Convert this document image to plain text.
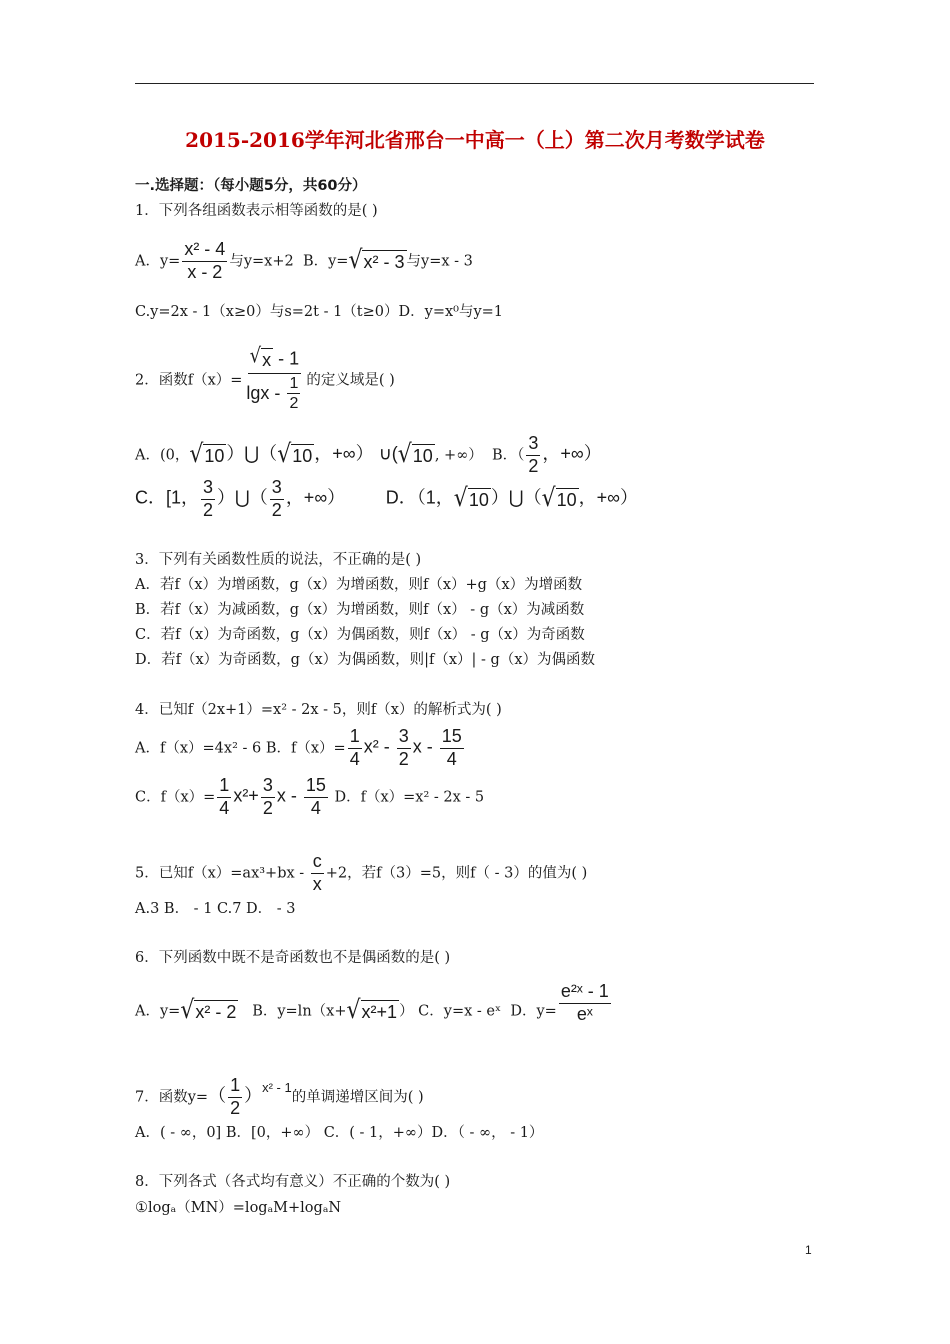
2015-2016学年河北省邢台一中高一（上）第二次月考数学试卷
一.选择题：（每小题5分，共60分）
1．下列各组函数表示相等函数的是( )
A．$y= \frac{\text{x² - 4}}{x - 2}$ 与y=x+2 B．y= √ x² - 3 与y=x - 3
C.y=2x - 1（x≥0）与s=2t - 1（t≥0）D．y=x⁰与y=1
2．函数$f(x)= \frac{√ x - 1}{\lg x - \frac{1}{2}}$ 的定义域是( )
A．(0， √ 10 ）⋃（ √ 10 ，+∞） ∪( √ 10 , +∞） B．（ $\frac{3}{2}$ ，+∞）
C．[1， $\frac{3}{2}$ ）⋃（ $\frac{3}{2}$ ，+∞） D．（1， √ 10 ）⋃（ √ 10 ，+∞）
3．下列有关函数性质的说法，不正确的是( )
A．若f（x）为增函数，g（x）为增函数，则f（x）+g（x）为增函数
B．若f（x）为减函数，g（x）为增函数，则f（x） - g（x）为减函数
C．若f（x）为奇函数，g（x）为偶函数，则f（x） - g（x）为奇函数
D．若f（x）为奇函数，g（x）为偶函数，则|f（x）| - g（x）为偶函数
4．已知f（2x+1）=x² - 2x - 5，则f（x）的解析式为( )
A．f（x）=4x² - 6 B．$f(x)= \frac{1}{4} x^2 - \frac{3}{2}$ x - $\frac{15}{4}$
C．$f(x)= \frac{1}{4} x^2+ \frac{3}{2}$ x - $\frac{15}{4}$ D．f（x）=x² - 2x - 5
5．已知$f(x)=ax^3+bx - \frac{c}{x} +2$，若f（3）=5，则f（ - 3）的值为( )
A.3 B． - 1 C.7 D． - 3
6．下列函数中既不是奇函数也不是偶函数的是( )
A．y= √ x² - 2 B．y=ln（x+ √ x²+1 ） C．y=x - eˣ D．$y= \frac{\text{e²ˣ - 1}}{\text{eˣ}}$
7．函数$y=( \frac{1}{2} )x^2 - 1$的单调递增区间为( )
A．( - ∞，0] B．[0，+∞） C．( - 1，+∞）D．（ - ∞， - 1）
8．下列各式（各式均有意义）不正确的个数为( )
①logₐ（MN）=logₐM+logₐN
1
